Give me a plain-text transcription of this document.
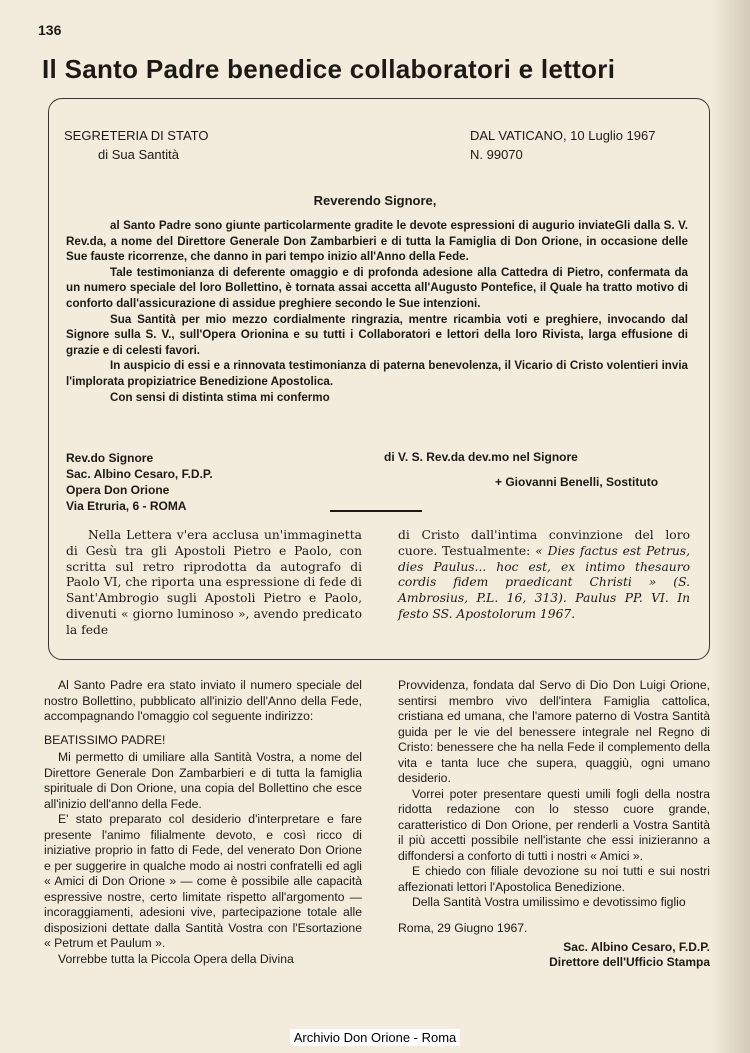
136
Il Santo Padre benedice collaboratori e lettori
SEGRETERIA DI STATO
di Sua Santità
DAL VATICANO, 10 Luglio 1967
N. 99070
Reverendo Signore,

al Santo Padre sono giunte particolarmente gradite le devote espressioni di augurio inviateGli dalla S. V. Rev.da, a nome del Direttore Generale Don Zambarbieri e di tutta la Famiglia di Don Orione, in occasione delle Sue fauste ricorrenze, che danno in pari tempo inizio all'Anno della Fede.

Tale testimonianza di deferente omaggio e di profonda adesione alla Cattedra di Pietro, confermata da un numero speciale del loro Bollettino, è tornata assai accetta all'Augusto Pontefice, il Quale ha tratto motivo di conforto dall'assicurazione di assidue preghiere secondo le Sue intenzioni.

Sua Santità per mio mezzo cordialmente ringrazia, mentre ricambia voti e preghiere, invocando dal Signore sulla S. V., sull'Opera Orionina e su tutti i Collaboratori e lettori della loro Rivista, larga effusione di grazie e di celesti favori.

In auspicio di essi e a rinnovata testimonianza di paterna benevolenza, il Vicario di Cristo volentieri invia l'implorata propiziatrice Benedizione Apostolica.

Con sensi di distinta stima mi confermo

Rev.do Signore
Sac. Albino Cesaro, F.D.P.
Opera Don Orione
Via Etruria, 6 - ROMA
di V. S. Rev.da dev.mo nel Signore
+ Giovanni Benelli, Sostituto
Nella Lettera v'era acclusa un'immaginetta di Gesù tra gli Apostoli Pietro e Paolo, con scritta sul retro riprodotta da autografo di Paolo VI, che riporta una espressione di fede di Sant'Ambrogio sugli Apostoli Pietro e Paolo, divenuti « giorno luminoso », avendo predicato la fede
di Cristo dall'intima convinzione del loro cuore. Testualmente: « Dies factus est Petrus, dies Paulus... hoc est, ex intimo thesauro cordis fidem praedicant Christi » (S. Ambrosius, P.L. 16, 313). Paulus PP. VI. In festo SS. Apostolorum 1967.

Al Santo Padre era stato inviato il numero speciale del nostro Bollettino, pubblicato all'inizio dell'Anno della Fede, accompagnando l'omaggio col seguente indirizzo:

BEATISSIMO PADRE!

Mi permetto di umiliare alla Santità Vostra, a nome del Direttore Generale Don Zambarbieri e di tutta la famiglia spirituale di Don Orione, una copia del Bollettino che esce all'inizio dell'anno della Fede.

E' stato preparato col desiderio d'interpretare e fare presente l'animo filialmente devoto, e così ricco di iniziative proprio in fatto di Fede, del venerato Don Orione e per suggerire in qualche modo ai nostri confratelli ed agli « Amici di Don Orione » — come è possibile alle capacità espressive nostre, certo limitate rispetto all'argomento — incoraggiamenti, adesioni vive, partecipazione totale alle disposizioni dettate dalla Santità Vostra con l'Esortazione « Petrum et Paulum ».

Vorrebbe tutta la Piccola Opera della Divina

Provvidenza, fondata dal Servo di Dio Don Luigi Orione, sentirsi membro vivo dell'intera Famiglia cattolica, cristiana ed umana, che l'amore paterno di Vostra Santità guida per le vie del benessere integrale nel Regno di Cristo: benessere che ha nella Fede il complemento della vita e tanta luce che supera, quaggiù, ogni umano desiderio.

Vorrei poter presentare questi umili fogli della nostra ridotta redazione con lo stesso cuore grande, caratteristico di Don Orione, per renderli a Vostra Santità il più accetti possibile nell'istante che essi inizieranno a diffondersi a conforto di tutti i nostri « Amici ».

E chiedo con filiale devozione su noi tutti e sui nostri affezionati lettori l'Apostolica Benedizione.

Della Santità Vostra umilissimo e devotissimo figlio

Roma, 29 Giugno 1967.

Sac. Albino Cesaro, F.D.P.
Direttore dell'Ufficio Stampa
Archivio Don Orione - Roma
